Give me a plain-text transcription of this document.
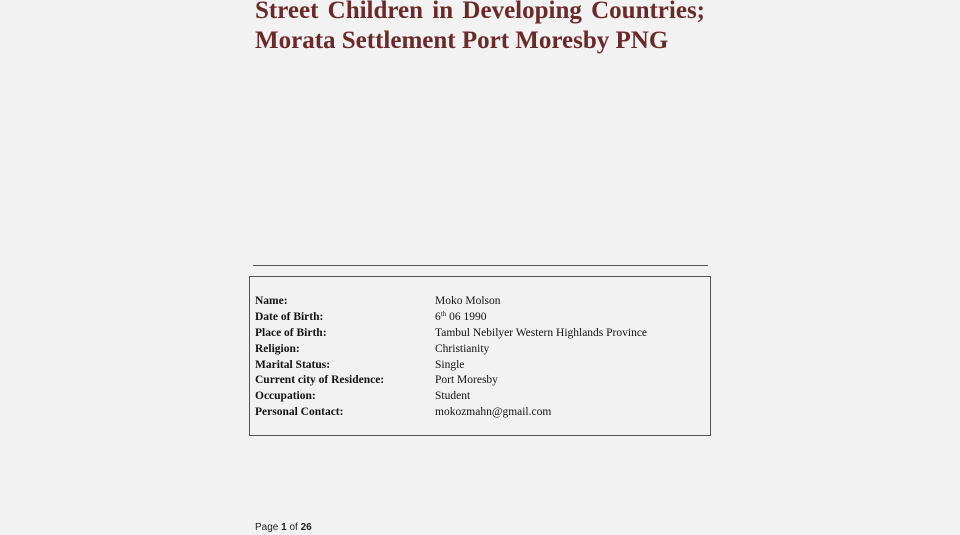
Street Children in Developing Countries; Morata Settlement Port Moresby PNG
Name:	Moko Molson
Date of Birth:	6th 06 1990
Place of Birth:	Tambul Nebilyer Western Highlands Province
Religion:	Christianity
Marital Status:	Single
Current city of Residence:	Port Moresby
Occupation:	Student
Personal Contact:	mokozmahn@gmail.com
Page 1 of 26
